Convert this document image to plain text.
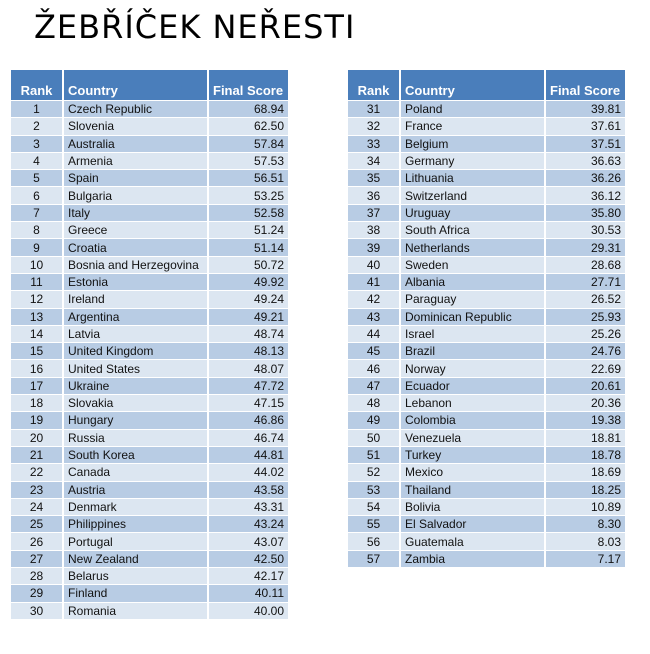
ŽEBŘÍČEK NEŘESTI
Rank	Country	Final Score
1	Czech Republic	68.94
2	Slovenia	62.50
3	Australia	57.84
4	Armenia	57.53
5	Spain	56.51
6	Bulgaria	53.25
7	Italy	52.58
8	Greece	51.24
9	Croatia	51.14
10	Bosnia and Herzegovina	50.72
11	Estonia	49.92
12	Ireland	49.24
13	Argentina	49.21
14	Latvia	48.74
15	United Kingdom	48.13
16	United States	48.07
17	Ukraine	47.72
18	Slovakia	47.15
19	Hungary	46.86
20	Russia	46.74
21	South Korea	44.81
22	Canada	44.02
23	Austria	43.58
24	Denmark	43.31
25	Philippines	43.24
26	Portugal	43.07
27	New Zealand	42.50
28	Belarus	42.17
29	Finland	40.11
30	Romania	40.00
Rank	Country	Final Score
31	Poland	39.81
32	France	37.61
33	Belgium	37.51
34	Germany	36.63
35	Lithuania	36.26
36	Switzerland	36.12
37	Uruguay	35.80
38	South Africa	30.53
39	Netherlands	29.31
40	Sweden	28.68
41	Albania	27.71
42	Paraguay	26.52
43	Dominican Republic	25.93
44	Israel	25.26
45	Brazil	24.76
46	Norway	22.69
47	Ecuador	20.61
48	Lebanon	20.36
49	Colombia	19.38
50	Venezuela	18.81
51	Turkey	18.78
52	Mexico	18.69
53	Thailand	18.25
54	Bolivia	10.89
55	El Salvador	8.30
56	Guatemala	8.03
57	Zambia	7.17
